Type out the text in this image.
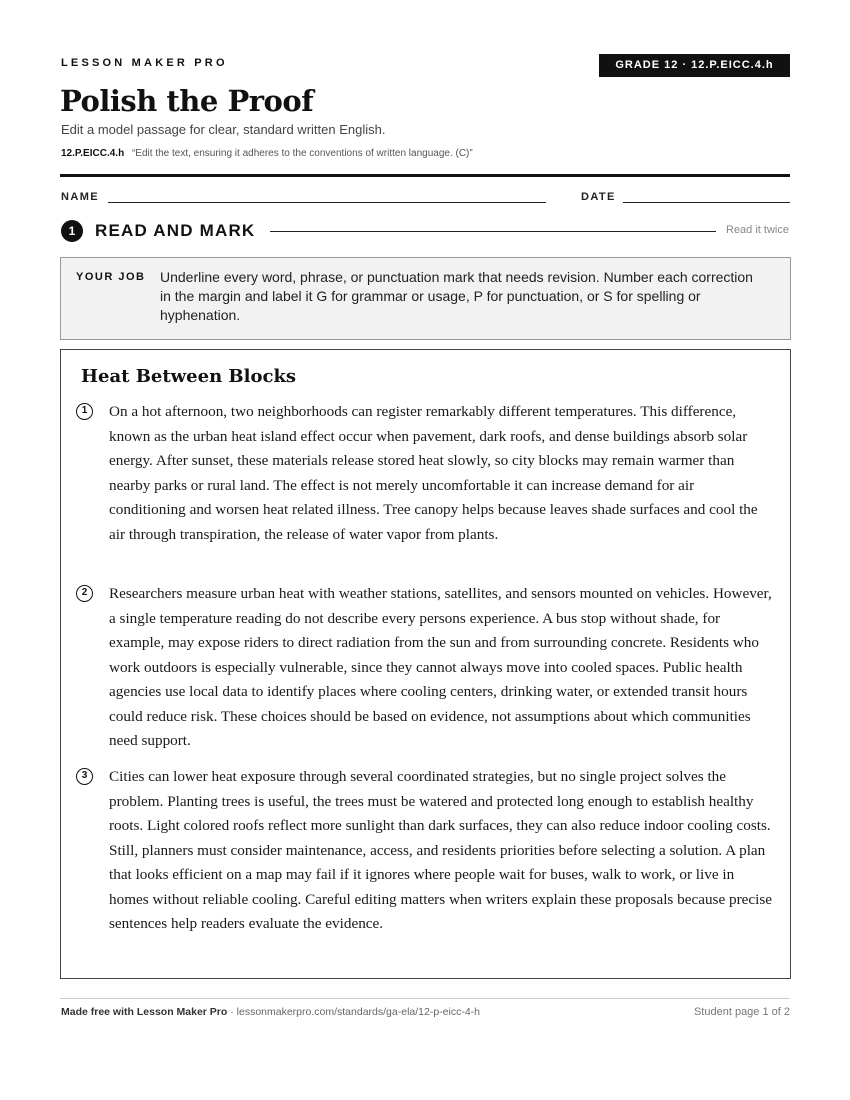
LESSON MAKER PRO	GRADE 12 · 12.P.EICC.4.h
Polish the Proof
Edit a model passage for clear, standard written English.
12.P.EICC.4.h “Edit the text, ensuring it adheres to the conventions of written language. (C)”
NAME	DATE
1	READ AND MARK	Read it twice
YOUR JOB Underline every word, phrase, or punctuation mark that needs revision. Number each correction in the margin and label it G for grammar or usage, P for punctuation, or S for spelling or hyphenation.
Heat Between Blocks
1	On a hot afternoon, two neighborhoods can register remarkably different temperatures. This difference, known as the urban heat island effect occur when pavement, dark roofs, and dense buildings absorb solar energy. After sunset, these materials release stored heat slowly, so city blocks may remain warmer than nearby parks or rural land. The effect is not merely uncomfortable it can increase demand for air conditioning and worsen heat related illness. Tree canopy helps because leaves shade surfaces and cool the air through transpiration, the release of water vapor from plants.

2	Researchers measure urban heat with weather stations, satellites, and sensors mounted on vehicles. However, a single temperature reading do not describe every persons experience. A bus stop without shade, for example, may expose riders to direct radiation from the sun and from surrounding concrete. Residents who work outdoors is especially vulnerable, since they cannot always move into cooled spaces. Public health agencies use local data to identify places where cooling centers, drinking water, or extended transit hours could reduce risk. These choices should be based on evidence, not assumptions about which communities need support.

3	Cities can lower heat exposure through several coordinated strategies, but no single project solves the problem. Planting trees is useful, the trees must be watered and protected long enough to establish healthy roots. Light colored roofs reflect more sunlight than dark surfaces, they can also reduce indoor cooling costs. Still, planners must consider maintenance, access, and residents priorities before selecting a solution. A plan that looks efficient on a map may fail if it ignores where people wait for buses, walk to work, or live in homes without reliable cooling. Careful editing matters when writers explain these proposals because precise sentences help readers evaluate the evidence.

Made free with Lesson Maker Pro · lessonmakerpro.com/standards/ga-ela/12-p-eicc-4-h	Student page 1 of 2
